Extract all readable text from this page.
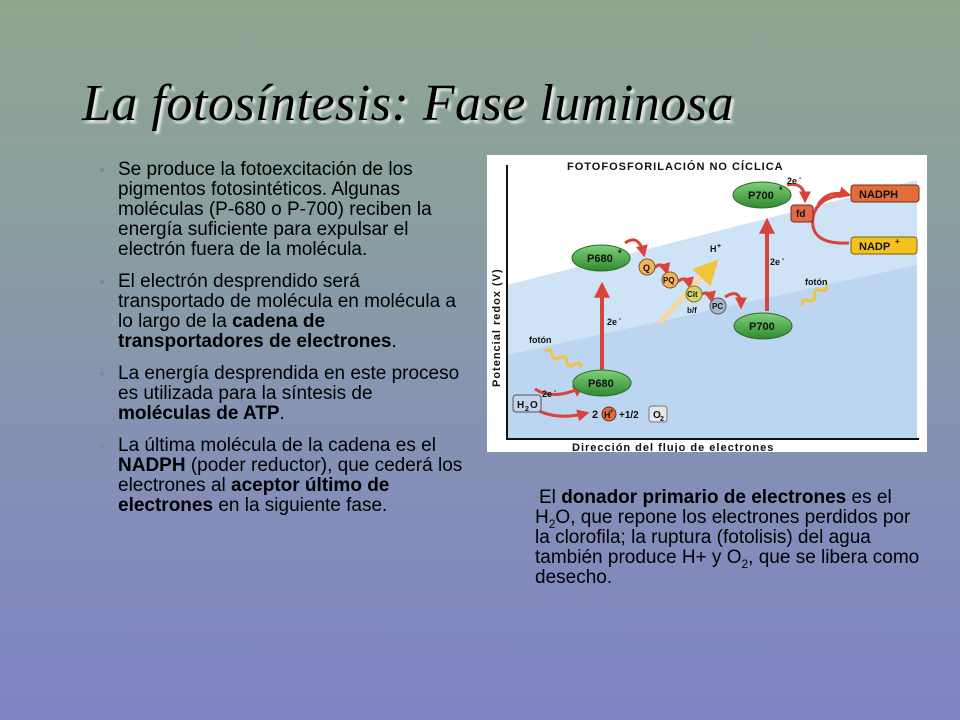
La fotosíntesis: Fase luminosa
Se produce la fotoexcitación de los pigmentos fotosintéticos. Algunas moléculas (P-680 o P-700) reciben la energía suficiente para expulsar el electrón fuera de la molécula.
El electrón desprendido será transportado de molécula en molécula a lo largo de la cadena de transportadores de electrones.
La energía desprendida en este proceso es utilizada para la síntesis de moléculas de ATP.
La última molécula de la cadena es el NADPH (poder reductor), que cederá los electrones al aceptor último de electrones en la siguiente fase.
FOTOFOSFORILACIÓN NO CÍCLICA
Potencial redox (V)
Dirección del flujo de electrones
P680 *
P680
P700 *
P700
Q
PQ
Cit
b/f PC
fd
NADPH
NADP +
2e -
2e -
2e -
2e -
H +
fotón
fotón
H 2 O
2 H + +1/2 O 2
El donador primario de electrones es el $H_2O$, que repone los electrones perdidos por la clorofila; la ruptura (fotolisis) del agua también produce H+ y $O_2$, que se libera como desecho.
